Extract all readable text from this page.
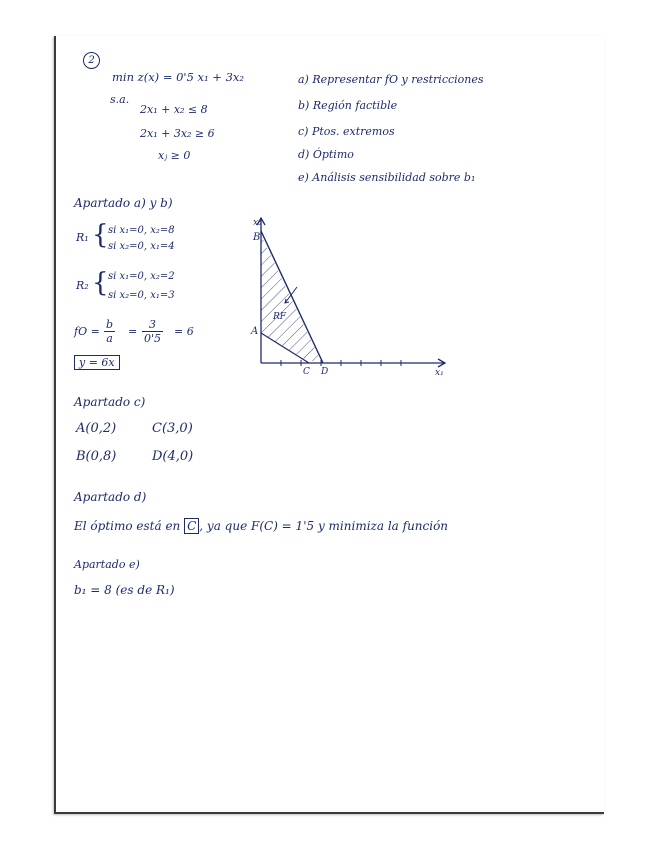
2
min z(x) = 0'5 x₁ + 3x₂
s.a.
2x₁ + x₂ ≤ 8
2x₁ + 3x₂ ≥ 6
xⱼ ≥ 0
a) Representar fO y restricciones
b) Región factible
c) Ptos. extremos
d) Óptimo
e) Análisis sensibilidad sobre b₁
Apartado a) y b)
R₁ { si x₁=0, x₂=8
si x₂=0, x₁=4
R₂ { si x₁=0, x₂=2
si x₂=0, x₁=3
fO = $\frac{b}{a} = \frac{3}{0'5} = 6$
y = 6x
x₂
x₁
B
A
C D
RF
Apartado c)
A(0,2)	C(3,0)
B(0,8)	D(4,0)
Apartado d)
El óptimo está en C , ya que F(C) = 1'5 y minimiza la función
Apartado e)
b₁ = 8 (es de R₁)
